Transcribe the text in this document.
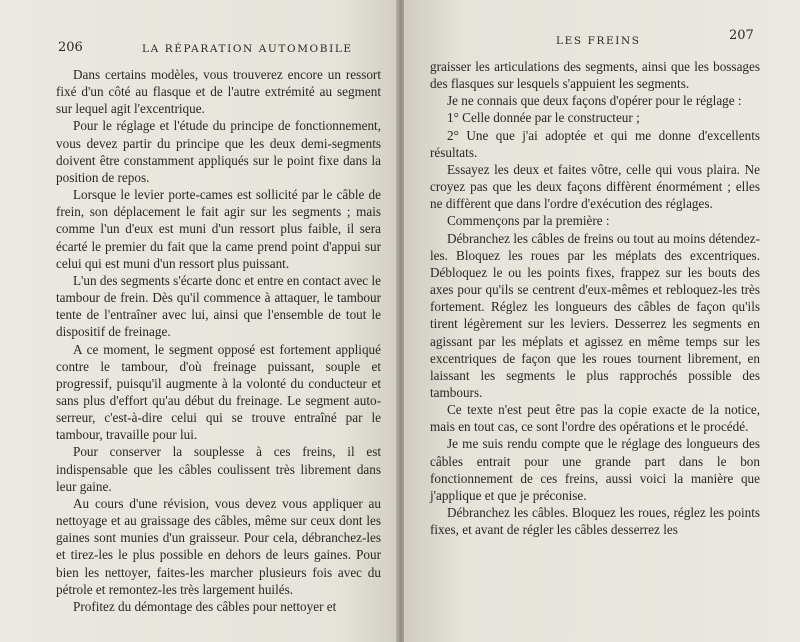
206	LA RÉPARATION AUTOMOBILE

Dans certains modèles, vous trouverez encore un ressort fixé d'un côté au flasque et de l'autre extrémité au segment sur lequel agit l'excentrique.

Pour le réglage et l'étude du principe de fonctionnement, vous devez partir du principe que les deux demi-segments doivent être constamment appliqués sur le point fixe dans la position de repos.

Lorsque le levier porte-cames est sollicité par le câble de frein, son déplacement le fait agir sur les segments ; mais comme l'un d'eux est muni d'un ressort plus faible, il sera écarté le premier du fait que la came prend point d'appui sur celui qui est muni d'un ressort plus puissant.

L'un des segments s'écarte donc et entre en contact avec le tambour de frein. Dès qu'il commence à attaquer, le tambour tente de l'entraîner avec lui, ainsi que l'ensemble de tout le dispositif de freinage.

A ce moment, le segment opposé est fortement appliqué contre le tambour, d'où freinage puissant, souple et progressif, puisqu'il augmente à la volonté du conducteur et sans plus d'effort qu'au début du freinage. Le segment auto-serreur, c'est-à-dire celui qui se trouve entraîné par le tambour, travaille pour lui.

Pour conserver la souplesse à ces freins, il est indispensable que les câbles coulissent très librement dans leur gaine.

Au cours d'une révision, vous devez vous appliquer au nettoyage et au graissage des câbles, même sur ceux dont les gaines sont munies d'un graisseur. Pour cela, débranchez-les et tirez-les le plus possible en dehors de leurs gaines. Pour bien les nettoyer, faites-les marcher plusieurs fois avec du pétrole et remontez-les très largement huilés.

Profitez du démontage des câbles pour nettoyer et

LES FREINS	207

graisser les articulations des segments, ainsi que les bossages des flasques sur lesquels s'appuient les segments.

Je ne connais que deux façons d'opérer pour le réglage :

1° Celle donnée par le constructeur ;

2° Une que j'ai adoptée et qui me donne d'excellents résultats.

Essayez les deux et faites vôtre, celle qui vous plaira. Ne croyez pas que les deux façons diffèrent énormément ; elles ne diffèrent que dans l'ordre d'exécution des réglages.

Commençons par la première :

Débranchez les câbles de freins ou tout au moins détendez-les. Bloquez les roues par les méplats des excentriques. Débloquez le ou les points fixes, frappez sur les bouts des axes pour qu'ils se centrent d'eux-mêmes et rebloquez-les très fortement. Réglez les longueurs des câbles de façon qu'ils tirent légèrement sur les leviers. Desserrez les segments en agissant par les méplats et agissez en même temps sur les excentriques de façon que les roues tournent librement, en laissant les segments le plus rapprochés possible des tambours.

Ce texte n'est peut être pas la copie exacte de la notice, mais en tout cas, ce sont l'ordre des opérations et le procédé.

Je me suis rendu compte que le réglage des longueurs des câbles entrait pour une grande part dans le bon fonctionnement de ces freins, aussi voici la manière que j'applique et que je préconise.

Débranchez les câbles. Bloquez les roues, réglez les points fixes, et avant de régler les câbles desserrez les
